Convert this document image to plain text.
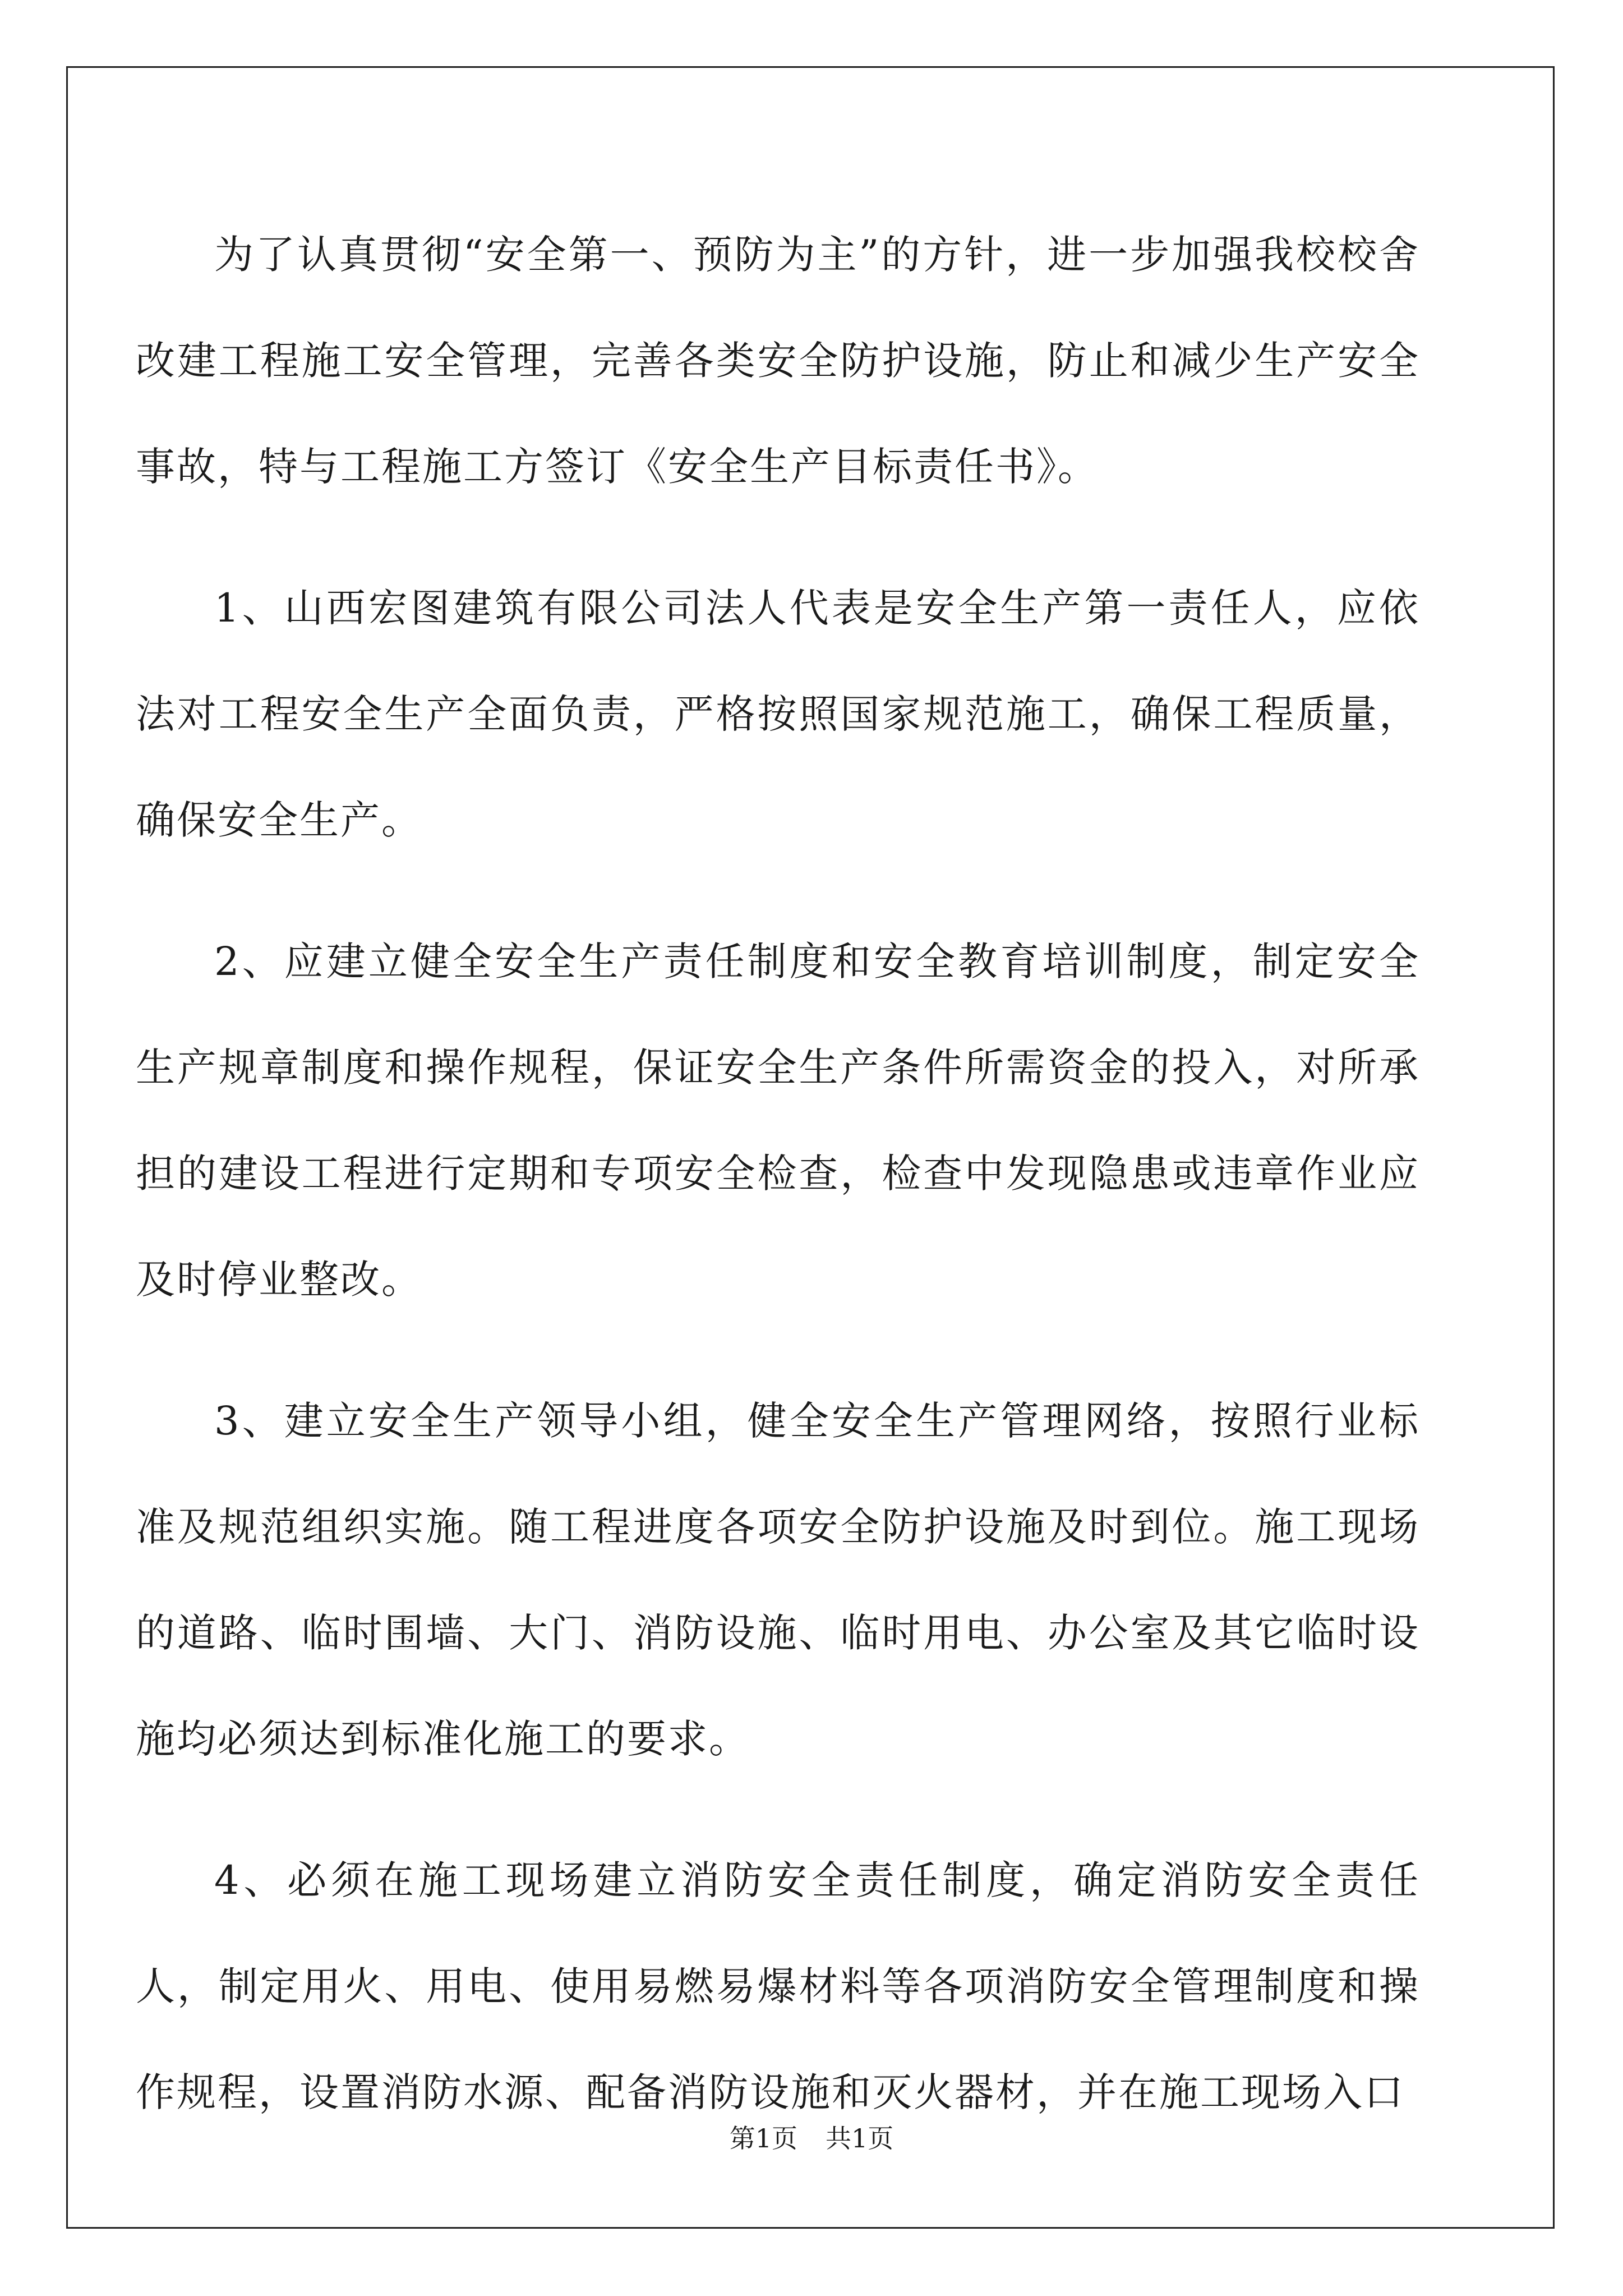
为了认真贯彻“安全第一、预防为主”的方针，进一步加强我校校舍改建工程施工安全管理，完善各类安全防护设施，防止和减少生产安全事故，特与工程施工方签订《安全生产目标责任书》。

1、山西宏图建筑有限公司法人代表是安全生产第一责任人，应依法对工程安全生产全面负责，严格按照国家规范施工，确保工程质量，确保安全生产。

2、应建立健全安全生产责任制度和安全教育培训制度，制定安全生产规章制度和操作规程，保证安全生产条件所需资金的投入，对所承担的建设工程进行定期和专项安全检查，检查中发现隐患或违章作业应及时停业整改。

3、建立安全生产领导小组，健全安全生产管理网络，按照行业标准及规范组织实施。随工程进度各项安全防护设施及时到位。施工现场的道路、临时围墙、大门、消防设施、临时用电、办公室及其它临时设施均必须达到标准化施工的要求。

4、必须在施工现场建立消防安全责任制度，确定消防安全责任人，制定用火、用电、使用易燃易爆材料等各项消防安全管理制度和操作规程，设置消防水源、配备消防设施和灭火器材，并在施工现场入口

第1页 共1页
